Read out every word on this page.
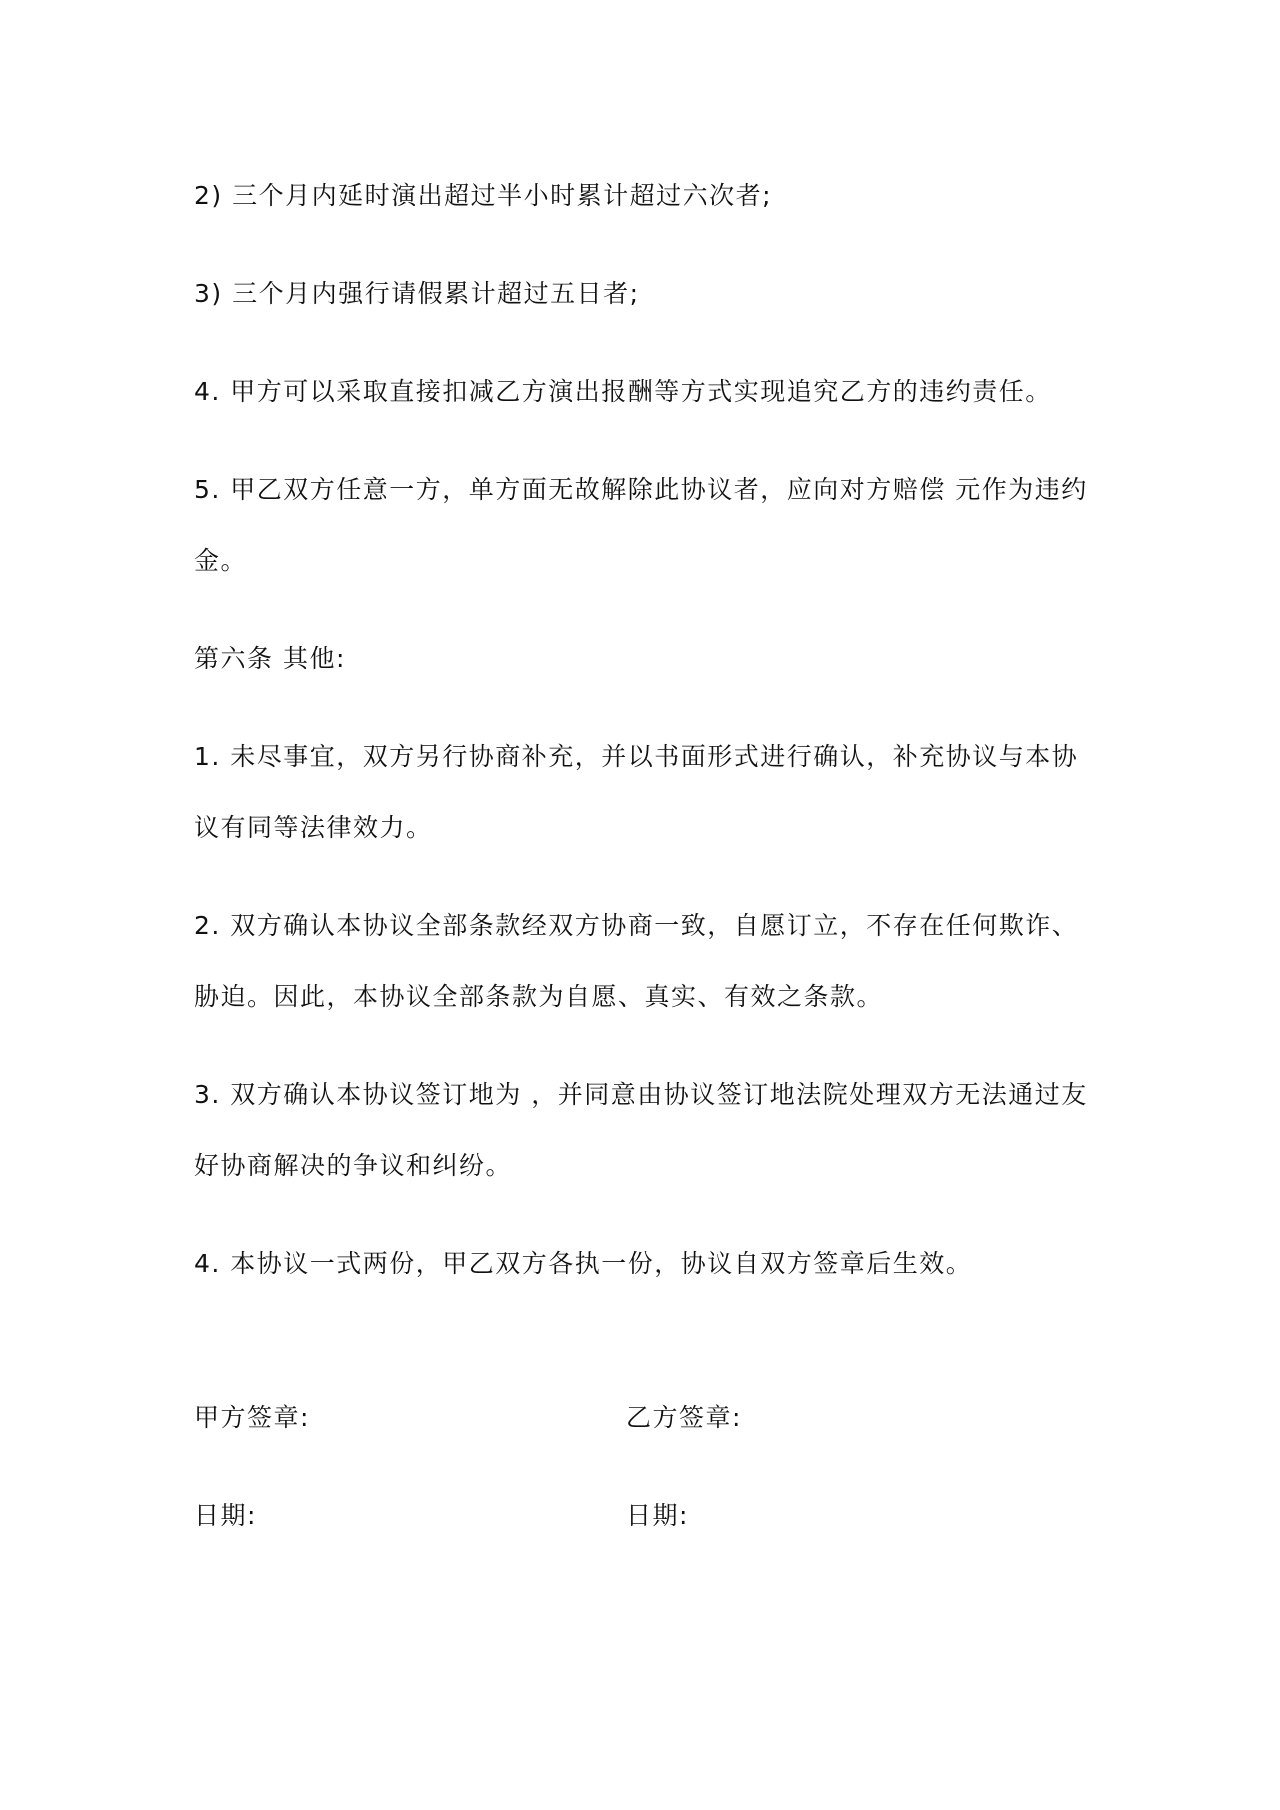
2) 三个月内延时演出超过半小时累计超过六次者;

3) 三个月内强行请假累计超过五日者;

4. 甲方可以采取直接扣减乙方演出报酬等方式实现追究乙方的违约责任。

5. 甲乙双方任意一方，单方面无故解除此协议者，应向对方赔偿 元作为违约金。

第六条 其他:

1. 未尽事宜，双方另行协商补充，并以书面形式进行确认，补充协议与本协议有同等法律效力。

2. 双方确认本协议全部条款经双方协商一致，自愿订立，不存在任何欺诈、胁迫。因此，本协议全部条款为自愿、真实、有效之条款。

3. 双方确认本协议签订地为 ，并同意由协议签订地法院处理双方无法通过友好协商解决的争议和纠纷。

4. 本协议一式两份，甲乙双方各执一份，协议自双方签章后生效。

甲方签章:	乙方签章:
日期:	日期:
